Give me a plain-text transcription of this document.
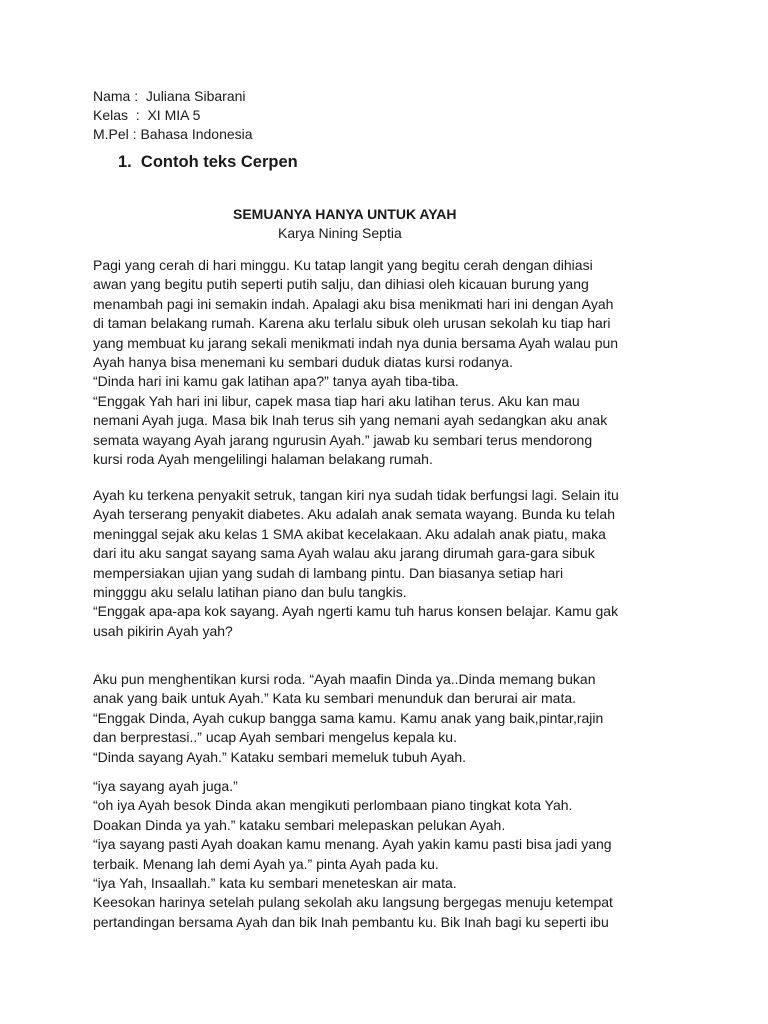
Nama :  Juliana Sibarani
Kelas  :  XI MIA 5
M.Pel : Bahasa Indonesia
1.  Contoh teks Cerpen
SEMUANYA HANYA UNTUK AYAH
Karya Nining Septia
Pagi yang cerah di hari minggu. Ku tatap langit yang begitu cerah dengan dihiasi
awan yang begitu putih seperti putih salju, dan dihiasi oleh kicauan burung yang
menambah pagi ini semakin indah. Apalagi aku bisa menikmati hari ini dengan Ayah
di taman belakang rumah. Karena aku terlalu sibuk oleh urusan sekolah ku tiap hari
yang membuat ku jarang sekali menikmati indah nya dunia bersama Ayah walau pun
Ayah hanya bisa menemani ku sembari duduk diatas kursi rodanya.
“Dinda hari ini kamu gak latihan apa?” tanya ayah tiba-tiba.
“Enggak Yah hari ini libur, capek masa tiap hari aku latihan terus. Aku kan mau
nemani Ayah juga. Masa bik Inah terus sih yang nemani ayah sedangkan aku anak
semata wayang Ayah jarang ngurusin Ayah.” jawab ku sembari terus mendorong
kursi roda Ayah mengelilingi halaman belakang rumah.
Ayah ku terkena penyakit setruk, tangan kiri nya sudah tidak berfungsi lagi. Selain itu
Ayah terserang penyakit diabetes. Aku adalah anak semata wayang. Bunda ku telah
meninggal sejak aku kelas 1 SMA akibat kecelakaan. Aku adalah anak piatu, maka
dari itu aku sangat sayang sama Ayah walau aku jarang dirumah gara-gara sibuk
mempersiakan ujian yang sudah di lambang pintu. Dan biasanya setiap hari
mingggu aku selalu latihan piano dan bulu tangkis.
“Enggak apa-apa kok sayang. Ayah ngerti kamu tuh harus konsen belajar. Kamu gak
usah pikirin Ayah yah?
Aku pun menghentikan kursi roda. “Ayah maafin Dinda ya..Dinda memang bukan
anak yang baik untuk Ayah.” Kata ku sembari menunduk dan berurai air mata.
“Enggak Dinda, Ayah cukup bangga sama kamu. Kamu anak yang baik,pintar,rajin
dan berprestasi..” ucap Ayah sembari mengelus kepala ku.
“Dinda sayang Ayah.” Kataku sembari memeluk tubuh Ayah.
“iya sayang ayah juga.”
“oh iya Ayah besok Dinda akan mengikuti perlombaan piano tingkat kota Yah.
Doakan Dinda ya yah.” kataku sembari melepaskan pelukan Ayah.
“iya sayang pasti Ayah doakan kamu menang. Ayah yakin kamu pasti bisa jadi yang
terbaik. Menang lah demi Ayah ya.” pinta Ayah pada ku.
“iya Yah, Insaallah.” kata ku sembari meneteskan air mata.
Keesokan harinya setelah pulang sekolah aku langsung bergegas menuju ketempat
pertandingan bersama Ayah dan bik Inah pembantu ku. Bik Inah bagi ku seperti ibu
